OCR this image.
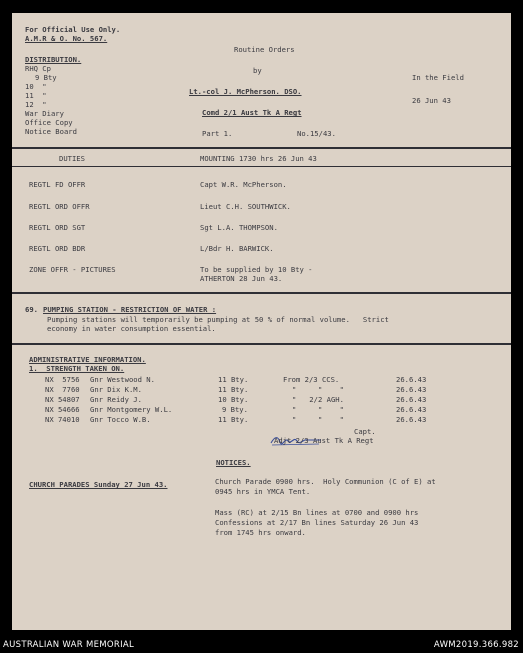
For Official Use Only.
A.M.R & O. No. 567.
DISTRIBUTION.
RHQ Cp
9 Bty
10  "
11  "
12  "
War Diary
Office Copy
Notice Board
Routine Orders
by
Lt.-col J. McPherson. DSO.
Comd 2/1 Aust Tk A Regt
Part 1.	No.15/43.
In the Field
26 Jun 43
DUTIES	MOUNTING 1730 hrs 26 Jun 43
REGTL FD OFFR	Capt W.R. McPherson.
REGTL ORD OFFR	Lieut C.H. SOUTHWICK.
REGTL ORD SGT	Sgt L.A. THOMPSON.
REGTL ORD BDR	L/Bdr H. BARWICK.
ZONE OFFR - PICTURES	To be supplied by 10 Bty -
ATHERTON 28 Jun 43.
69. PUMPING STATION - RESTRICTION OF WATER :
Pumping stations will temporarily be pumping at 50 % of normal volume.   Strict
economy in water consumption essential.
ADMINISTRATIVE INFORMATION.
1.  STRENGTH TAKEN ON.
NX  5756 Gnr Westwood N.	11 Bty.	From 2/3 CCS.	26.6.43
NX  7760 Gnr Dix K.M.	11 Bty.	"     "    "	26.6.43
NX 54807 Gnr Reidy J.	10 Bty.	"   2/2 AGH.	26.6.43
NX 54666 Gnr Montgomery W.L.	9 Bty.	"     "    "	26.6.43
NX 74010 Gnr Tocco W.B.	11 Bty.	"     "    "	26.6.43
Capt.
Adjt 2/3 Aust Tk A Regt
NOTICES.
CHURCH PARADES Sunday 27 Jun 43.	Church Parade 0900 hrs.  Holy Communion (C of E) at
0945 hrs in YMCA Tent.
Mass (RC) at 2/15 Bn lines at 0700 and 0900 hrs
Confessions at 2/17 Bn lines Saturday 26 Jun 43
from 1745 hrs onward.
AUSTRALIAN WAR MEMORIAL	AWM2019.366.982
